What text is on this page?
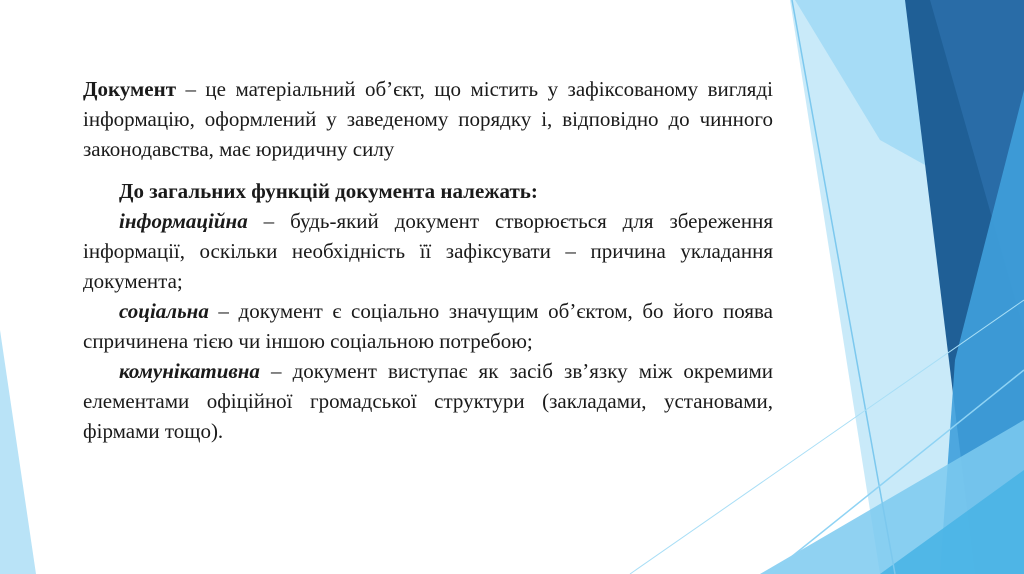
Документ – це матеріальний об’єкт, що містить у зафіксованому вигляді інформацію, оформлений у заведеному порядку і, відповідно до чинного законодавства, має юридичну силу

До загальних функцій документа належать:

інформаційна – будь-який документ створюється для збереження інформації, оскільки необхідність її зафіксувати – причина укладання документа;

соціальна – документ є соціально значущим об’єктом, бо його поява спричинена тією чи іншою соціальною потребою;

комунікативна – документ виступає як засіб зв’язку між окремими елементами офіційної громадської структури (закладами, установами, фірмами тощо).
